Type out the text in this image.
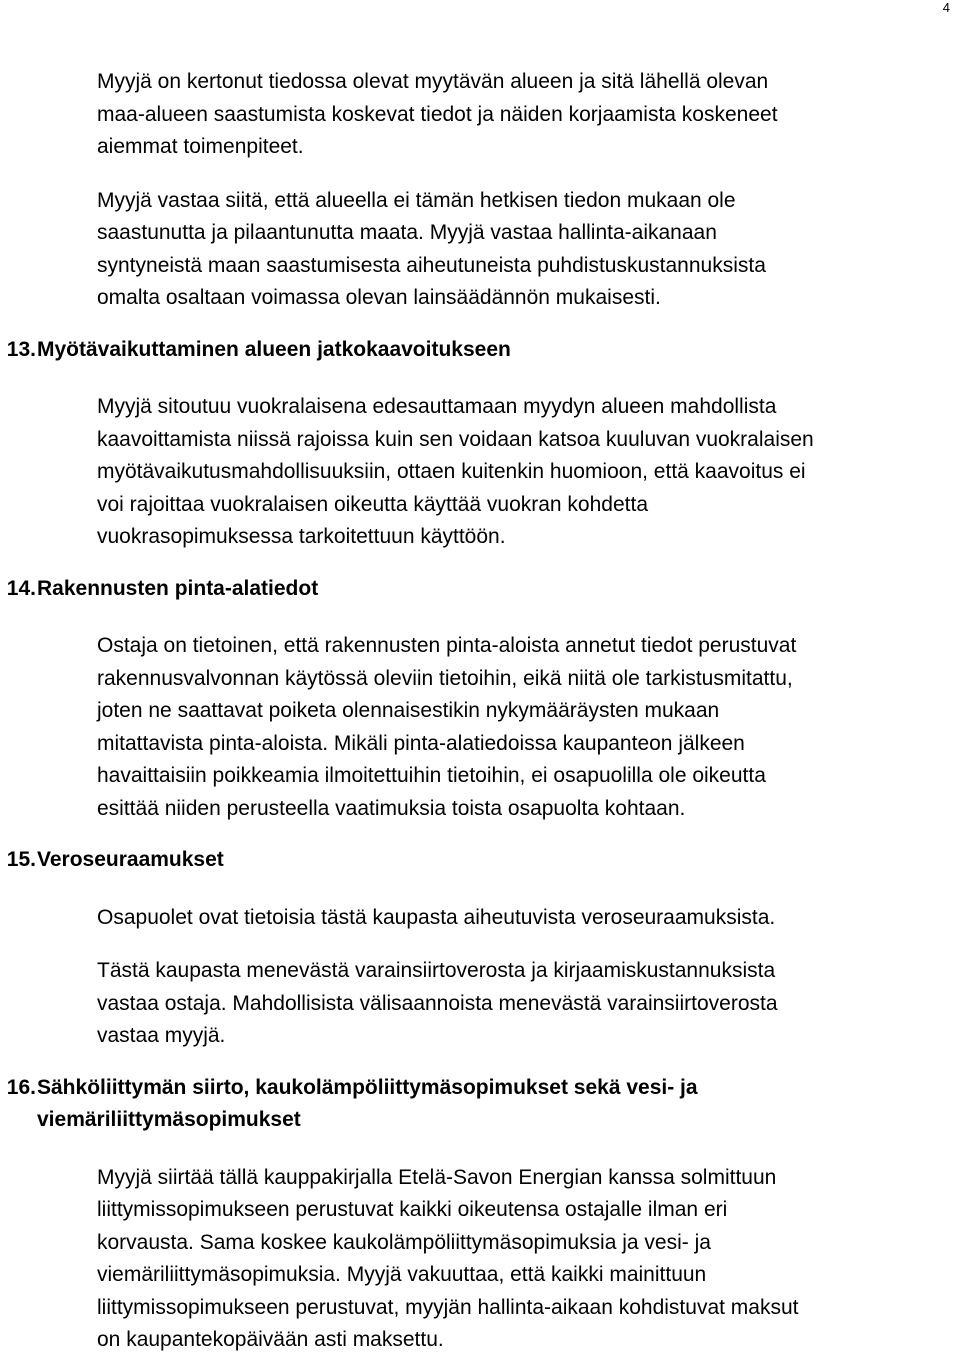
4

Myyjä on kertonut tiedossa olevat myytävän alueen ja sitä lähellä olevan
maa-alueen saastumista koskevat tiedot ja näiden korjaamista koskeneet
aiemmat toimenpiteet.

Myyjä vastaa siitä, että alueella ei tämän hetkisen tiedon mukaan ole
saastunutta ja pilaantunutta maata. Myyjä vastaa hallinta-aikanaan
syntyneistä maan saastumisesta aiheutuneista puhdistuskustannuksista
omalta osaltaan voimassa olevan lainsäädännön mukaisesti.

13. Myötävaikuttaminen alueen jatkokaavoitukseen

Myyjä sitoutuu vuokralaisena edesauttamaan myydyn alueen mahdollista
kaavoittamista niissä rajoissa kuin sen voidaan katsoa kuuluvan vuokralaisen
myötävaikutusmahdollisuuksiin, ottaen kuitenkin huomioon, että kaavoitus ei
voi rajoittaa vuokralaisen oikeutta käyttää vuokran kohdetta
vuokrasopimuksessa tarkoitettuun käyttöön.

14. Rakennusten pinta-alatiedot

Ostaja on tietoinen, että rakennusten pinta-aloista annetut tiedot perustuvat
rakennusvalvonnan käytössä oleviin tietoihin, eikä niitä ole tarkistusmitattu,
joten ne saattavat poiketa olennaisestikin nykymääräysten mukaan
mitattavista pinta-aloista. Mikäli pinta-alatiedoissa kaupanteon jälkeen
havaittaisiin poikkeamia ilmoitettuihin tietoihin, ei osapuolilla ole oikeutta
esittää niiden perusteella vaatimuksia toista osapuolta kohtaan.

15. Veroseuraamukset

Osapuolet ovat tietoisia tästä kaupasta aiheutuvista veroseuraamuksista.

Tästä kaupasta menevästä varainsiirtoverosta ja kirjaamiskustannuksista
vastaa ostaja. Mahdollisista välisaannoista menevästä varainsiirtoverosta
vastaa myyjä.

16. Sähköliittymän siirto, kaukolämpöliittymäsopimukset sekä vesi- ja
viemäriliittymäsopimukset

Myyjä siirtää tällä kauppakirjalla Etelä-Savon Energian kanssa solmittuun
liittymissopimukseen perustuvat kaikki oikeutensa ostajalle ilman eri
korvausta. Sama koskee kaukolämpöliittymäsopimuksia ja vesi- ja
viemäriliittymäsopimuksia. Myyjä vakuuttaa, että kaikki mainittuun
liittymissopimukseen perustuvat, myyjän hallinta-aikaan kohdistuvat maksut
on kaupantekopäivään asti maksettu.
